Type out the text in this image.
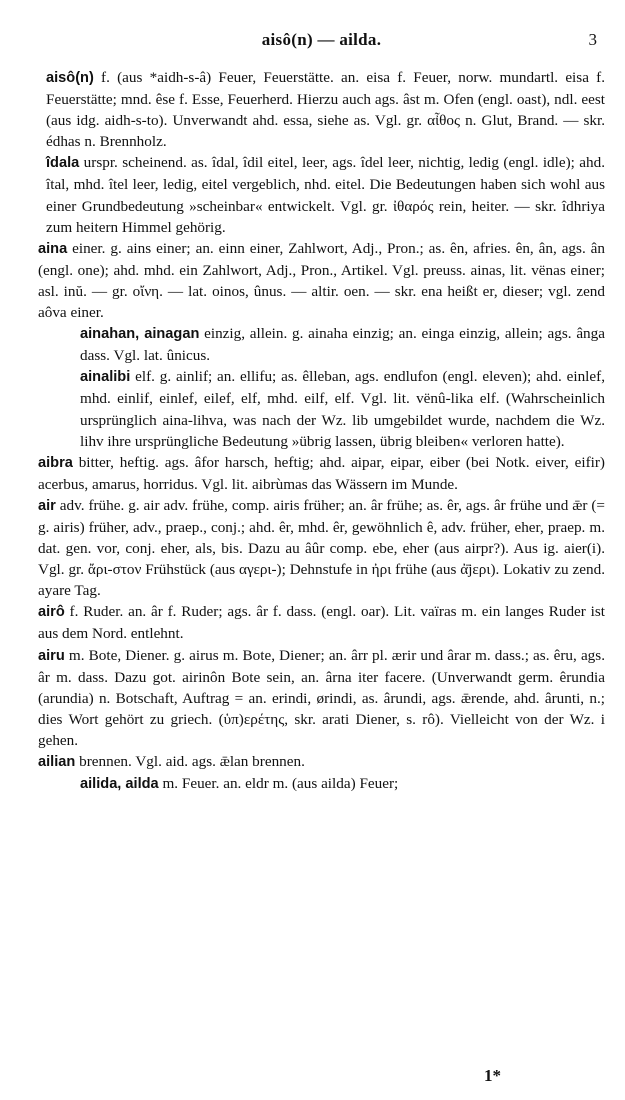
aisô(n) — ailda.	3

aisô(n) f. (aus *aidh-s-â) Feuer, Feuerstätte. an. eisa f. Feuer, norw. mundartl. eisa f. Feuerstätte; mnd. êse f. Esse, Feuerherd. Hierzu auch ags. âst m. Ofen (engl. oast), ndl. eest (aus idg. aidh-s-to). Unverwandt ahd. essa, siehe as. Vgl. gr. αἶθος n. Glut, Brand. — skr. édhas n. Brennholz.

îdala urspr. scheinend. as. îdal, îdil eitel, leer, ags. îdel leer, nichtig, ledig (engl. idle); ahd. îtal, mhd. îtel leer, ledig, eitel vergeblich, nhd. eitel. Die Bedeutungen haben sich wohl aus einer Grundbedeutung »scheinbar« entwickelt. Vgl. gr. ἰθαρός rein, heiter. — skr. îdhriya zum heitern Himmel gehörig.

aina einer. g. ains einer; an. einn einer, Zahlwort, Adj., Pron.; as. ên, afries. ên, ân, ags. ân (engl. one); ahd. mhd. ein Zahlwort, Adj., Pron., Artikel. Vgl. preuss. ainas, lit. vënas einer; asl. inŭ. — gr. οἴνη. — lat. oinos, ûnus. — altir. oen. — skr. ena heißt er, dieser; vgl. zend aôva einer.

ainahan, ainagan einzig, allein. g. ainaha einzig; an. einga einzig, allein; ags. ânga dass. Vgl. lat. ûnicus.

ainalibi elf. g. ainlif; an. ellifu; as. êlleban, ags. endlufon (engl. eleven); ahd. einlef, mhd. einlif, einlef, eilef, elf, mhd. eilf, elf. Vgl. lit. vënû-lika elf. (Wahrscheinlich ursprünglich aina-lihva, was nach der Wz. lib umgebildet wurde, nachdem die Wz. lihv ihre ursprüngliche Bedeutung »übrig lassen, übrig bleiben« verloren hatte).

aibra bitter, heftig. ags. âfor harsch, heftig; ahd. aipar, eipar, eiber (bei Notk. eiver, eifir) acerbus, amarus, horridus. Vgl. lit. aibrùmas das Wässern im Munde.

air adv. frühe. g. air adv. frühe, comp. airis früher; an. âr frühe; as. êr, ags. âr frühe und ǣr (= g. airis) früher, adv., praep., conj.; ahd. êr, mhd. êr, gewöhnlich ê, adv. früher, eher, praep. m. dat. gen. vor, conj. eher, als, bis. Dazu au âûr comp. ebe, eher (aus airpr?). Aus ig. aier(i). Vgl. gr. ἄρι-στον Frühstück (aus αγερι-); Dehnstufe in ἠρι frühe (aus ἀ̄jερι). Lokativ zu zend. ayare Tag.

airô f. Ruder. an. âr f. Ruder; ags. âr f. dass. (engl. oar). Lit. vaïras m. ein langes Ruder ist aus dem Nord. entlehnt.

airu m. Bote, Diener. g. airus m. Bote, Diener; an. ârr pl. ærir und ârar m. dass.; as. êru, ags. âr m. dass. Dazu got. airinôn Bote sein, an. ârna iter facere. (Unverwandt germ. êrundia (arundia) n. Botschaft, Auftrag = an. erindi, ørindi, as. ârundi, ags. ǣrende, ahd. ârunti, n.; dies Wort gehört zu griech. (ὑπ)ερέτης, skr. arati Diener, s. rô). Vielleicht von der Wz. i gehen.

ailian brennen. Vgl. aid. ags. ǣlan brennen.

ailida, ailda m. Feuer. an. eldr m. (aus ailda) Feuer;

1*
